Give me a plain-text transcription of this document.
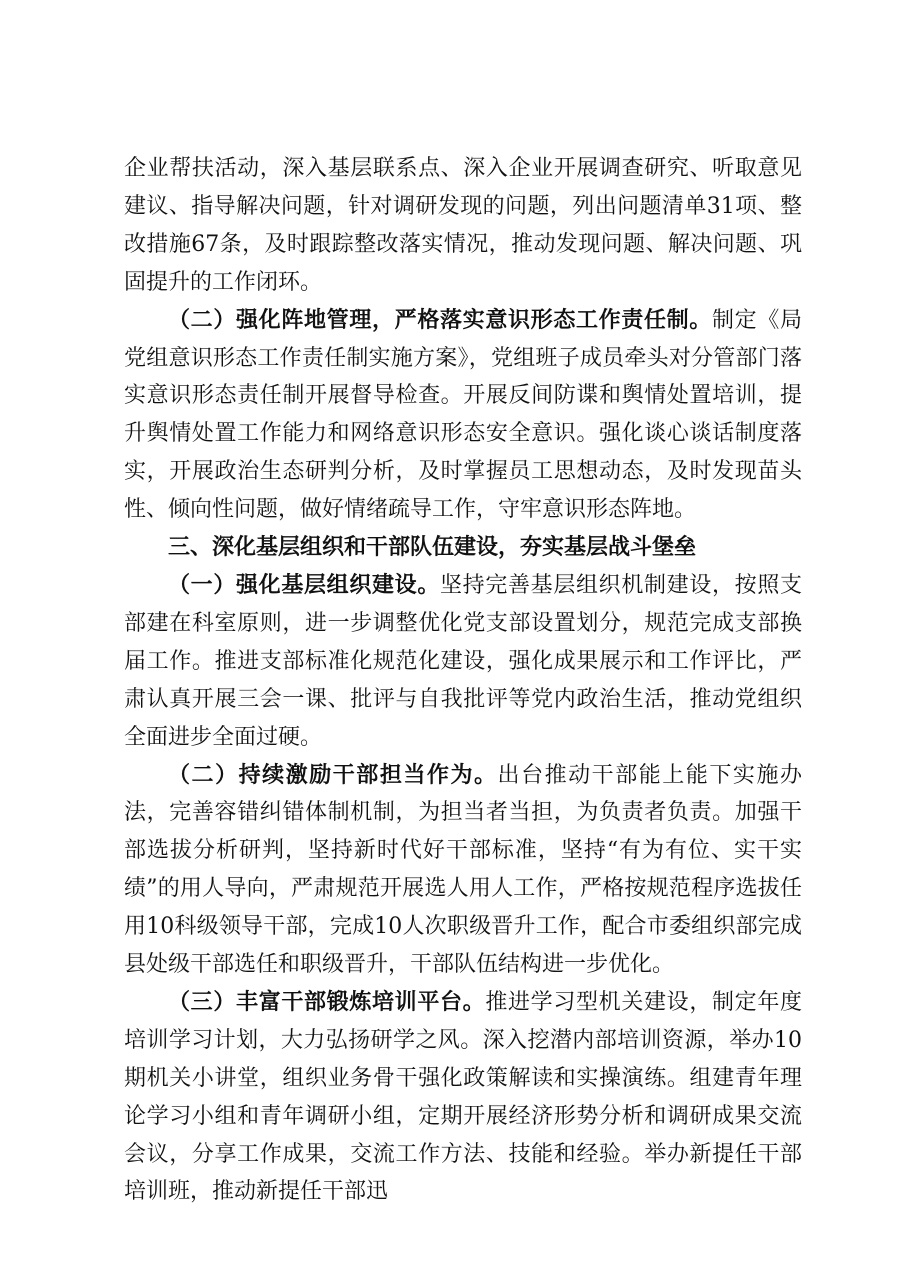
企业帮扶活动，深入基层联系点、深入企业开展调查研究、听取意见建议、指导解决问题，针对调研发现的问题，列出问题清单31项、整改措施67条，及时跟踪整改落实情况，推动发现问题、解决问题、巩固提升的工作闭环。

（二）强化阵地管理，严格落实意识形态工作责任制。制定《局党组意识形态工作责任制实施方案》，党组班子成员牵头对分管部门落实意识形态责任制开展督导检查。开展反间防谍和舆情处置培训，提升舆情处置工作能力和网络意识形态安全意识。强化谈心谈话制度落实，开展政治生态研判分析，及时掌握员工思想动态，及时发现苗头性、倾向性问题，做好情绪疏导工作，守牢意识形态阵地。

三、深化基层组织和干部队伍建设，夯实基层战斗堡垒

（一）强化基层组织建设。坚持完善基层组织机制建设，按照支部建在科室原则，进一步调整优化党支部设置划分，规范完成支部换届工作。推进支部标准化规范化建设，强化成果展示和工作评比，严肃认真开展三会一课、批评与自我批评等党内政治生活，推动党组织全面进步全面过硬。

（二）持续激励干部担当作为。出台推动干部能上能下实施办法，完善容错纠错体制机制，为担当者当担，为负责者负责。加强干部选拔分析研判，坚持新时代好干部标准，坚持“有为有位、实干实绩”的用人导向，严肃规范开展选人用人工作，严格按规范程序选拔任用10科级领导干部，完成10人次职级晋升工作，配合市委组织部完成县处级干部选任和职级晋升，干部队伍结构进一步优化。

（三）丰富干部锻炼培训平台。推进学习型机关建设，制定年度培训学习计划，大力弘扬研学之风。深入挖潜内部培训资源，举办10期机关小讲堂，组织业务骨干强化政策解读和实操演练。组建青年理论学习小组和青年调研小组，定期开展经济形势分析和调研成果交流会议，分享工作成果，交流工作方法、技能和经验。举办新提任干部培训班，推动新提任干部迅
